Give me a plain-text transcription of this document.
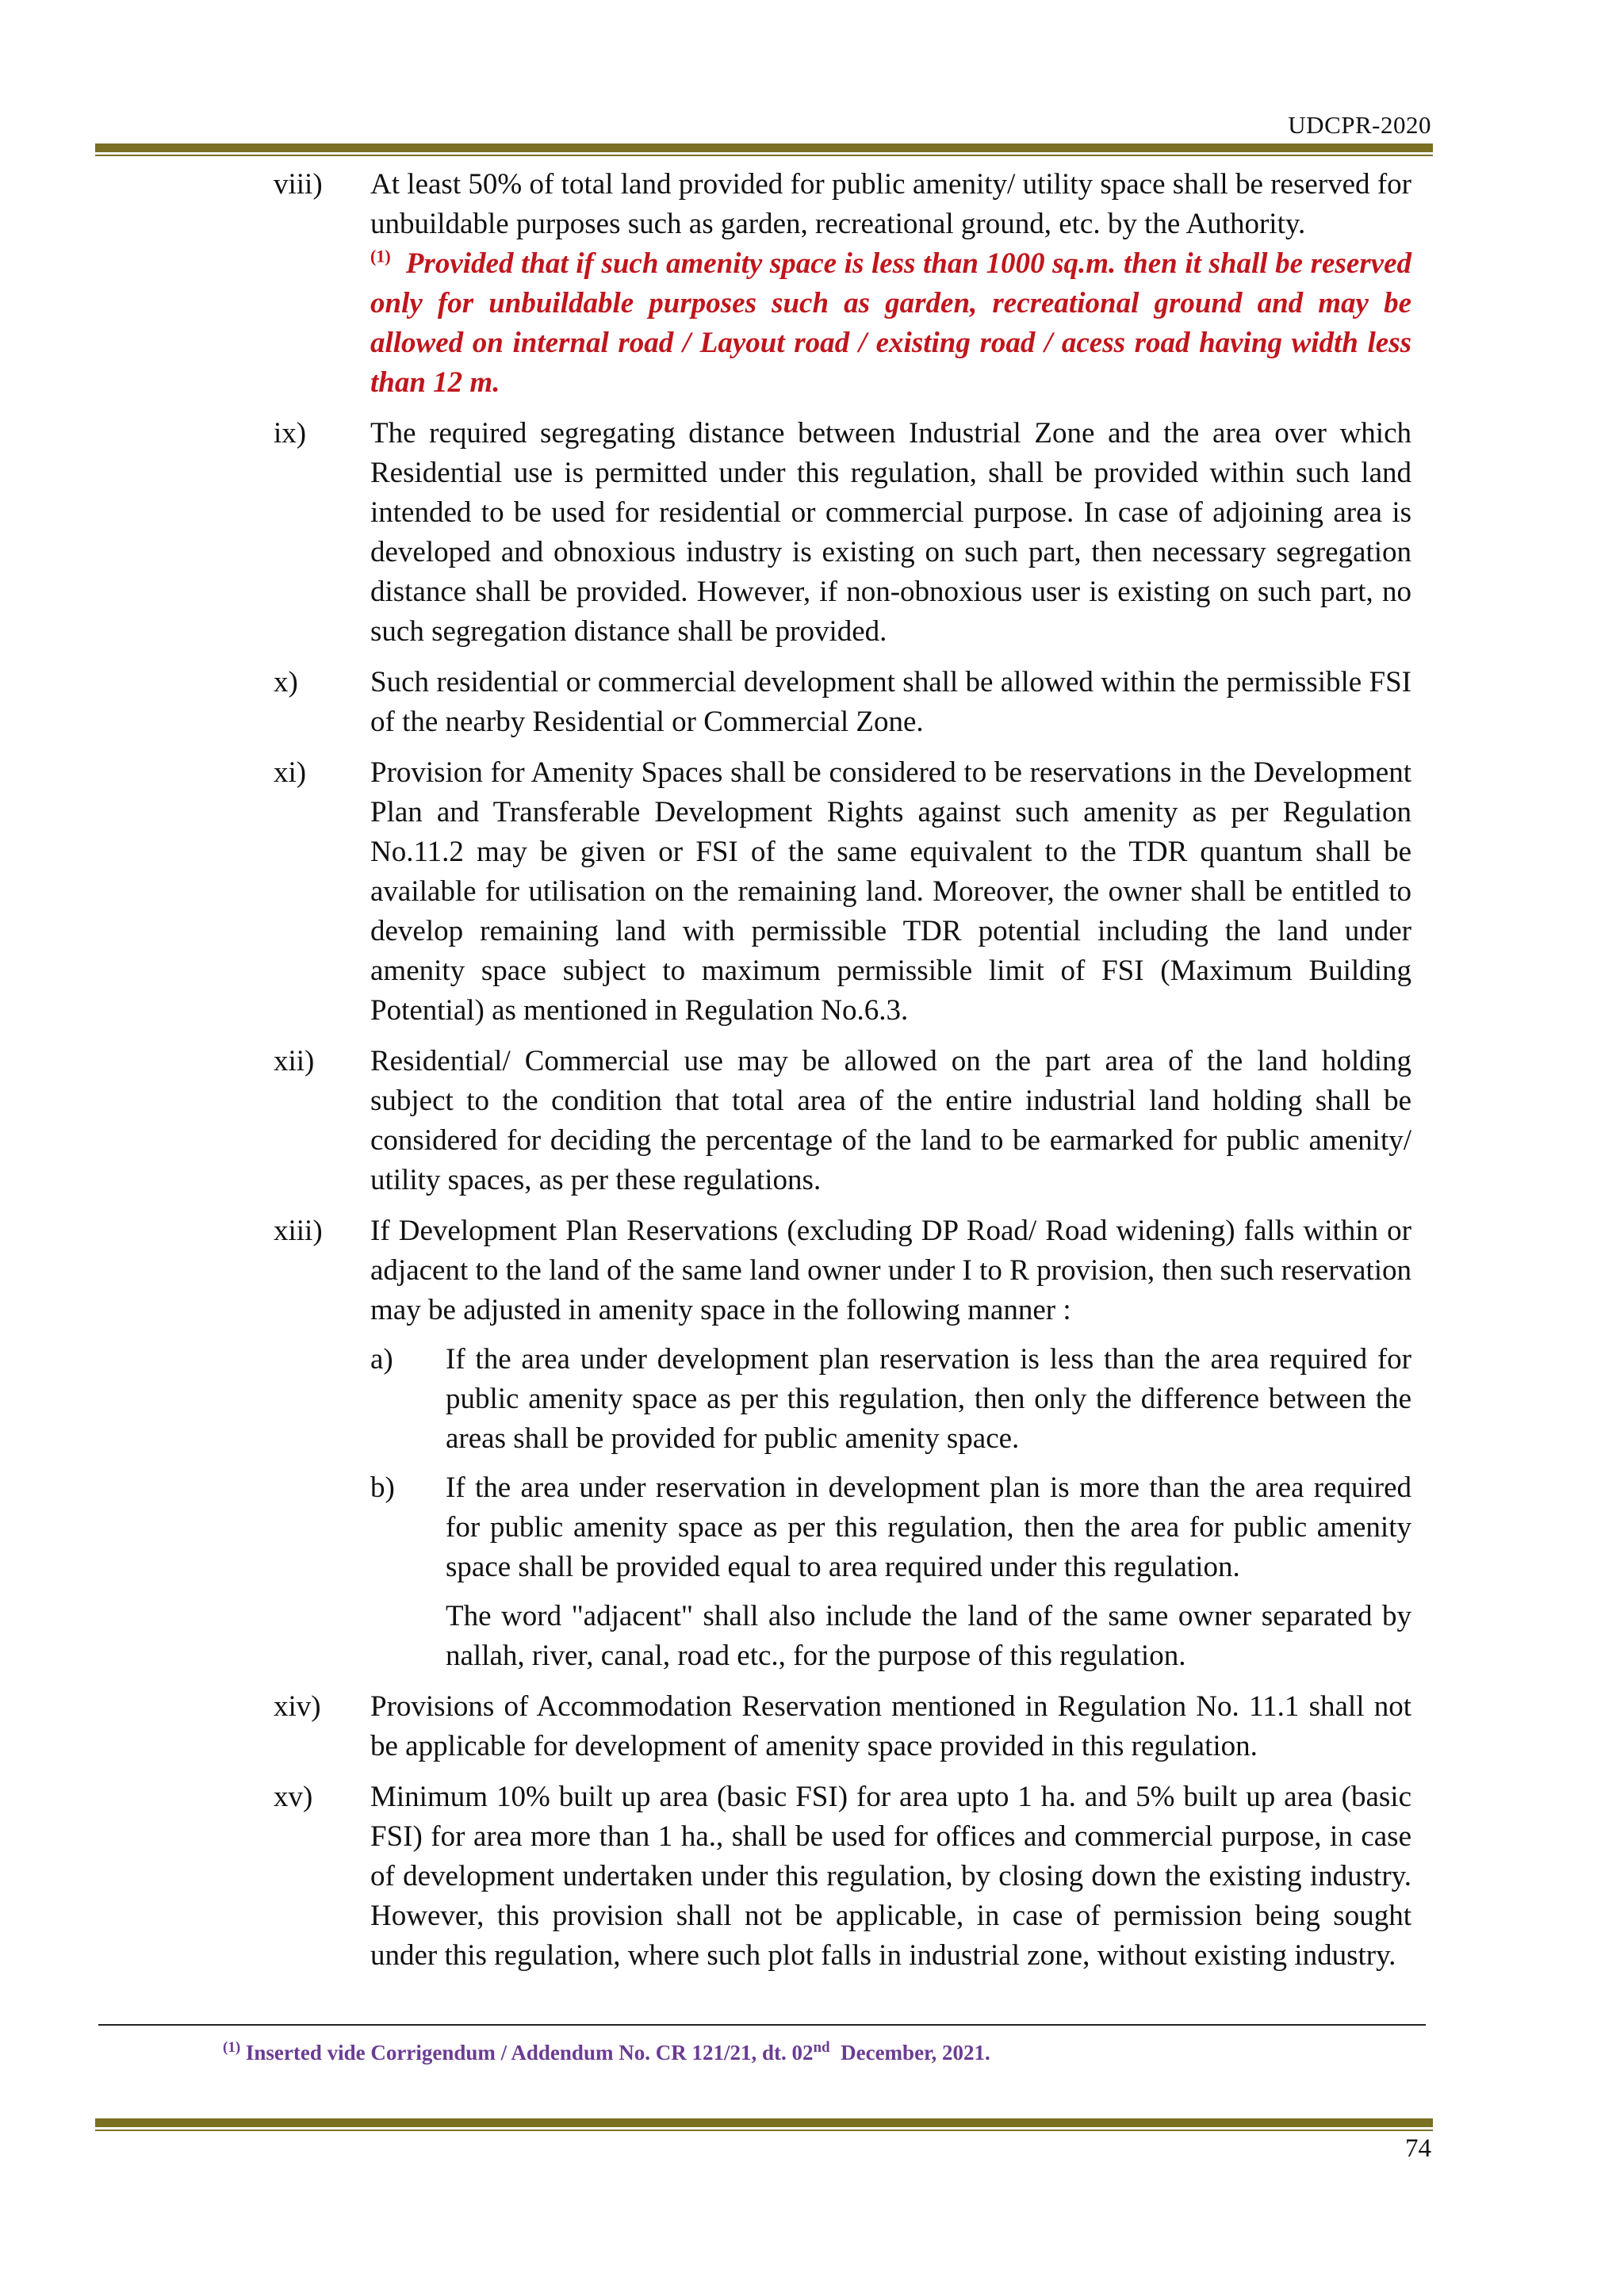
UDCPR-2020
viii)	At least 50% of total land provided for public amenity/ utility space shall be reserved for unbuildable purposes such as garden, recreational ground, etc. by the Authority.
$^{(1)}$ Provided that if such amenity space is less than 1000 sq.m. then it shall be reserved only for unbuildable purposes such as garden, recreational ground and may be allowed on internal road / Layout road / existing road / acess road having width less than 12 m.
ix)	The required segregating distance between Industrial Zone and the area over which Residential use is permitted under this regulation, shall be provided within such land intended to be used for residential or commercial purpose. In case of adjoining area is developed and obnoxious industry is existing on such part, then necessary segregation distance shall be provided. However, if non-obnoxious user is existing on such part, no such segregation distance shall be provided.
x)	Such residential or commercial development shall be allowed within the permissible FSI of the nearby Residential or Commercial Zone.
xi)	Provision for Amenity Spaces shall be considered to be reservations in the Development Plan and Transferable Development Rights against such amenity as per Regulation No.11.2 may be given or FSI of the same equivalent to the TDR quantum shall be available for utilisation on the remaining land. Moreover, the owner shall be entitled to develop remaining land with permissible TDR potential including the land under amenity space subject to maximum permissible limit of FSI (Maximum Building Potential) as mentioned in Regulation No.6.3.
xii)	Residential/ Commercial use may be allowed on the part area of the land holding subject to the condition that total area of the entire industrial land holding shall be considered for deciding the percentage of the land to be earmarked for public amenity/ utility spaces, as per these regulations.
xiii)	If Development Plan Reservations (excluding DP Road/ Road widening) falls within or adjacent to the land of the same land owner under I to R provision, then such reservation may be adjusted in amenity space in the following manner :
a)	If the area under development plan reservation is less than the area required for public amenity space as per this regulation, then only the difference between the areas shall be provided for public amenity space.
b)	If the area under reservation in development plan is more than the area required for public amenity space as per this regulation, then the area for public amenity space shall be provided equal to area required under this regulation.
The word "adjacent" shall also include the land of the same owner separated by nallah, river, canal, road etc., for the purpose of this regulation.
xiv)	Provisions of Accommodation Reservation mentioned in Regulation No. 11.1 shall not be applicable for development of amenity space provided in this regulation.
xv)	Minimum 10% built up area (basic FSI) for area upto 1 ha. and 5% built up area (basic FSI) for area more than 1 ha., shall be used for offices and commercial purpose, in case of development undertaken under this regulation, by closing down the existing industry. However, this provision shall not be applicable, in case of permission being sought under this regulation, where such plot falls in industrial zone, without existing industry.
$^{(1)}$ Inserted vide Corrigendum / Addendum No. CR 121/21, dt. 02nd  December, 2021.
74
